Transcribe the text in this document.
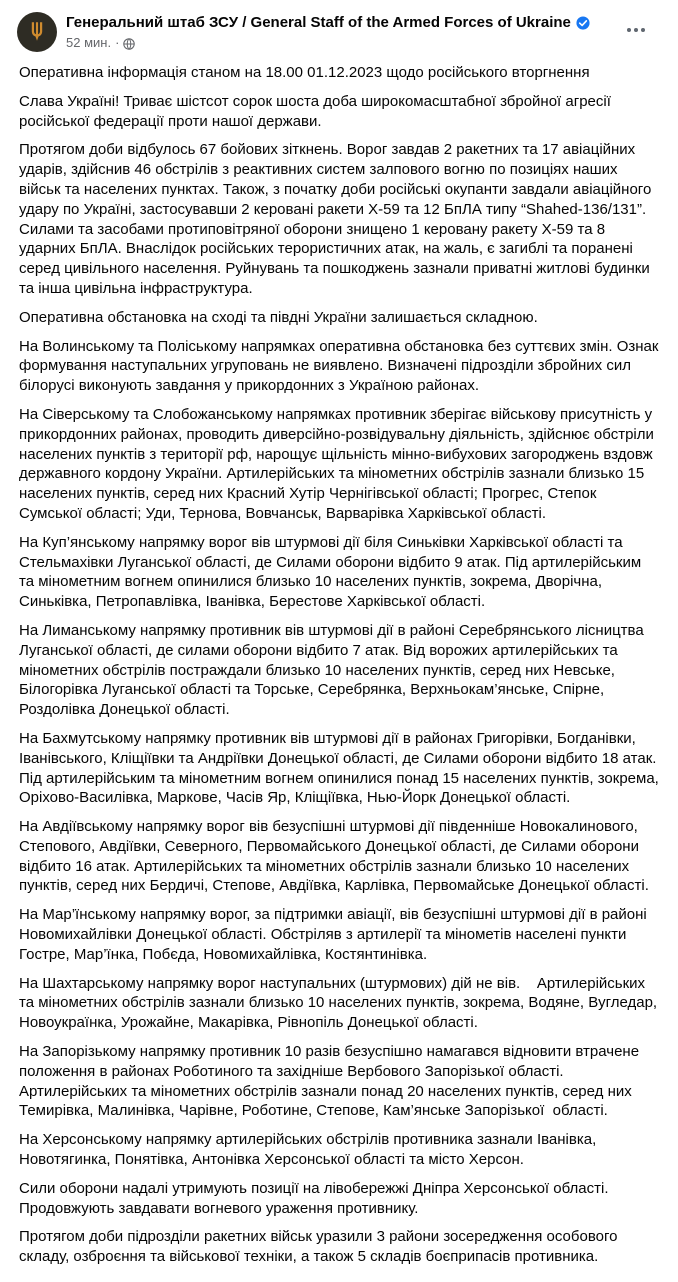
Генеральний штаб ЗСУ / General Staff of the Armed Forces of Ukraine
52 мин. ·

Оперативна інформація станом на 18.00 01.12.2023 щодо російського вторгнення

Слава Україні! Триває шістсот сорок шоста доба широкомасштабної збройної агресії російської федерації проти нашої держави.

Протягом доби відбулось 67 бойових зіткнень. Ворог завдав 2 ракетних та 17 авіаційних ударів, здійснив 46 обстрілів з реактивних систем залпового вогню по позиціях наших військ та населених пунктах. Також, з початку доби російські окупанти завдали авіаційного удару по Україні, застосувавши 2 керовані ракети Х-59 та 12 БпЛА типу “Shahed-136/131”. Силами та засобами протиповітряної оборони знищено 1 керовану ракету Х-59 та 8 ударних БпЛА. Внаслідок російських терористичних атак, на жаль, є загиблі та поранені серед цивільного населення. Руйнувань та пошкоджень зазнали приватні житлові будинки та інша цивільна інфраструктура.

Оперативна обстановка на сході та півдні України залишається складною.

На Волинському та Поліському напрямках оперативна обстановка без суттєвих змін. Ознак формування наступальних угруповань не виявлено. Визначені підрозділи збройних сил білорусі виконують завдання у прикордонних з Україною районах.

На Сіверському та Слобожанському напрямках противник зберігає військову присутність у прикордонних районах, проводить диверсійно-розвідувальну діяльність, здійснює обстріли населених пунктів з території рф, нарощує щільність мінно-вибухових загороджень вздовж державного кордону України. Артилерійських та мінометних обстрілів зазнали близько 15 населених пунктів, серед них Красний Хутір Чернігівської області; Прогрес, Степок Сумської області; Уди, Тернова, Вовчанськ, Варварівка Харківської області.

На Куп’янському напрямку ворог вів штурмові дії біля Синьківки Харківської області та Стельмахівки Луганської області, де Силами оборони відбито 9 атак. Під артилерійським та мінометним вогнем опинилися близько 10 населених пунктів, зокрема, Дворічна, Синьківка, Петропавлівка, Іванівка, Берестове Харківської області.

На Лиманському напрямку противник вів штурмові дії в районі Серебрянського лісництва Луганської області, де силами оборони відбито 7 атак. Від ворожих артилерійських та мінометних обстрілів постраждали близько 10 населених пунктів, серед них Невське, Білогорівка Луганської області та Торське, Серебрянка, Верхньокам’янське, Спірне, Роздолівка Донецької області.

На Бахмутському напрямку противник вів штурмові дії в районах Григорівки, Богданівки, Іванівського, Кліщіївки та Андріївки Донецької області, де Силами оборони відбито 18 атак. Під артилерійським та мінометним вогнем опинилися понад 15 населених пунктів, зокрема, Оріхово-Василівка, Маркове, Часів Яр, Кліщіївка, Нью-Йорк Донецької області.

На Авдіївському напрямку ворог вів безуспішні штурмові дії південніше Новокалинового, Степового, Авдіївки, Северного, Первомайського Донецької області, де Силами оборони відбито 16 атак. Артилерійських та мінометних обстрілів зазнали близько 10 населених пунктів, серед них Бердичі, Степове, Авдіївка, Карлівка, Первомайське Донецької області.

На Мар’їнському напрямку ворог, за підтримки авіації, вів безуспішні штурмові дії в районі Новомихайлівки Донецької області. Обстріляв з артилерії та мінометів населені пункти Гостре, Мар’їнка, Побєда, Новомихайлівка, Костянтинівка.

На Шахтарському напрямку ворог наступальних (штурмових) дій не вів.    Артилерійських та мінометних обстрілів зазнали близько 10 населених пунктів, зокрема, Водяне, Вугледар, Новоукраїнка, Урожайне, Макарівка, Рівнопіль Донецької області.

На Запорізькому напрямку противник 10 разів безуспішно намагався відновити втрачене положення в районах Роботиного та західніше Вербового Запорізької області. Артилерійських та мінометних обстрілів зазнали понад 20 населених пунктів, серед них Темирівка, Малинівка, Чарівне, Роботине, Степове, Кам’янське Запорізької  області.

На Херсонському напрямку артилерійських обстрілів противника зазнали Іванівка, Новотягинка, Понятівка, Антонівка Херсонської області та місто Херсон.

Сили оборони надалі утримують позиції на лівобережжі Дніпра Херсонської області. Продовжують завдавати вогневого ураження противнику.

Протягом доби підрозділи ракетних військ уразили 3 райони зосередження особового складу, озброєння та військової техніки, а також 5 складів боєприпасів противника.
